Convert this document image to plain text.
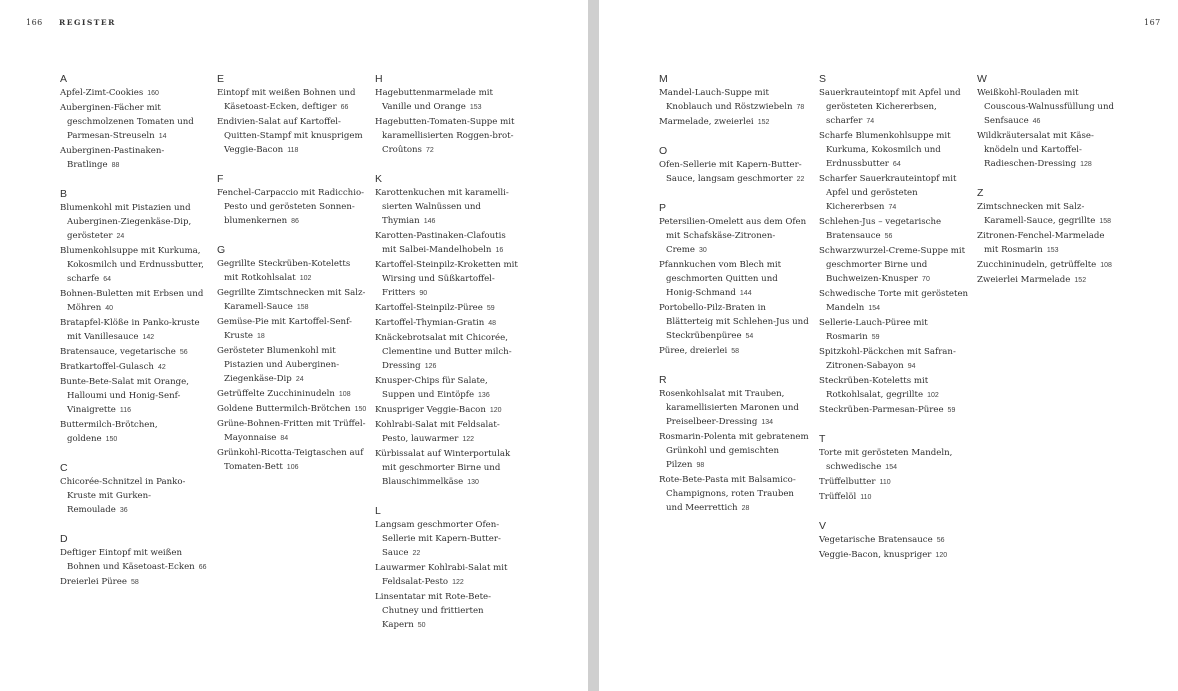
166 REGISTER	167
A
Apfel-Zimt-Cookies 160
Auberginen-Fächer mit geschmolzenen Tomaten und Parmesan-Streuseln 14
Auberginen-Pastinaken-Bratlinge 88
B
Blumenkohl mit Pistazien und Auberginen-Ziegenkäse-Dip, gerösteter 24
Blumenkohlsuppe mit Kurkuma, Kokosmilch und Erdnussbutter, scharfe 64
Bohnen-Buletten mit Erbsen und Möhren 40
Bratapfel-Klöße in Panko-kruste mit Vanillesauce 142
Bratensauce, vegetarische 56
Bratkartoffel-Gulasch 42
Bunte-Bete-Salat mit Orange, Halloumi und Honig-Senf-Vinaigrette 116
Buttermilch-Brötchen, goldene 150
C
Chicorée-Schnitzel in Panko-Kruste mit Gurken-Remoulade 36
D
Deftiger Eintopf mit weißen Bohnen und Käsetoast-Ecken 66
Dreierlei Püree 58
E
Eintopf mit weißen Bohnen und Käsetoast-Ecken, deftiger 66
Endivien-Salat auf Kartoffel-Quitten-Stampf mit knusprigem Veggie-Bacon 118
F
Fenchel-Carpaccio mit Radicchio-Pesto und gerösteten Sonnen-blumenkernen 86
G
Gegrillte Steckrüben-Koteletts mit Rotkohlsalat 102
Gegrillte Zimtschnecken mit Salz-Karamell-Sauce 158
Gemüse-Pie mit Kartoffel-Senf-Kruste 18
Gerösteter Blumenkohl mit Pistazien und Auberginen-Ziegenkäse-Dip 24
Getrüffelte Zucchininudeln 108
Goldene Buttermilch-Brötchen 150
Grüne-Bohnen-Fritten mit Trüffel-Mayonnaise 84
Grünkohl-Ricotta-Teigtaschen auf Tomaten-Bett 106
H
Hagebuttenmarmelade mit Vanille und Orange 153
Hagebutten-Tomaten-Suppe mit karamellisierten Roggen-brot-Croûtons 72
K
Karottenkuchen mit karamelli-sierten Walnüssen und Thymian 146
Karotten-Pastinaken-Clafoutis mit Salbei-Mandelhobeln 16
Kartoffel-Steinpilz-Kroketten mit Wirsing und Süßkartoffel-Fritters 90
Kartoffel-Steinpilz-Püree 59
Kartoffel-Thymian-Gratin 48
Knäckebrotsalat mit Chicorée, Clementine und Butter milch-Dressing 126
Knusper-Chips für Salate, Suppen und Eintöpfe 136
Knuspriger Veggie-Bacon 120
Kohlrabi-Salat mit Feldsalat-Pesto, lauwarmer 122
Kürbissalat auf Winterportulak mit geschmorter Birne und Blauschimmelkäse 130
L
Langsam geschmorter Ofen-Sellerie mit Kapern-Butter-Sauce 22
Lauwarmer Kohlrabi-Salat mit Feldsalat-Pesto 122
Linsentatar mit Rote-Bete-Chutney und frittierten Kapern 50
M
Mandel-Lauch-Suppe mit Knoblauch und Röstzwiebeln 78
Marmelade, zweierlei 152
O
Ofen-Sellerie mit Kapern-Butter-Sauce, langsam geschmorter 22
P
Petersilien-Omelett aus dem Ofen mit Schafskäse-Zitronen-Creme 30
Pfannkuchen vom Blech mit geschmorten Quitten und Honig-Schmand 144
Portobello-Pilz-Braten in Blätterteig mit Schlehen-Jus und Steckrübenpüree 54
Püree, dreierlei 58
R
Rosenkohlsalat mit Trauben, karamellisierten Maronen und Preiselbeer-Dressing 134
Rosmarin-Polenta mit gebratenem Grünkohl und gemischten Pilzen 98
Rote-Bete-Pasta mit Balsamico-Champignons, roten Trauben und Meerrettich 28
S
Sauerkrauteintopf mit Apfel und gerösteten Kichererbsen, scharfer 74
Scharfe Blumenkohlsuppe mit Kurkuma, Kokosmilch und Erdnussbutter 64
Scharfer Sauerkrauteintopf mit Apfel und gerösteten Kichererbsen 74
Schlehen-Jus – vegetarische Bratensauce 56
Schwarzwurzel-Creme-Suppe mit geschmorter Birne und Buchweizen-Knusper 70
Schwedische Torte mit gerösteten Mandeln 154
Sellerie-Lauch-Püree mit Rosmarin 59
Spitzkohl-Päckchen mit Safran-Zitronen-Sabayon 94
Steckrüben-Koteletts mit Rotkohlsalat, gegrillte 102
Steckrüben-Parmesan-Püree 59
T
Torte mit gerösteten Mandeln, schwedische 154
Trüffelbutter 110
Trüffelöl 110
V
Vegetarische Bratensauce 56
Veggie-Bacon, knuspriger 120
W
Weißkohl-Rouladen mit Couscous-Walnussfüllung und Senfsauce 46
Wildkräutersalat mit Käse-knödeln und Kartoffel-Radieschen-Dressing 128
Z
Zimtschnecken mit Salz-Karamell-Sauce, gegrillte 158
Zitronen-Fenchel-Marmelade mit Rosmarin 153
Zucchininudeln, getrüffelte 108
Zweierlei Marmelade 152
